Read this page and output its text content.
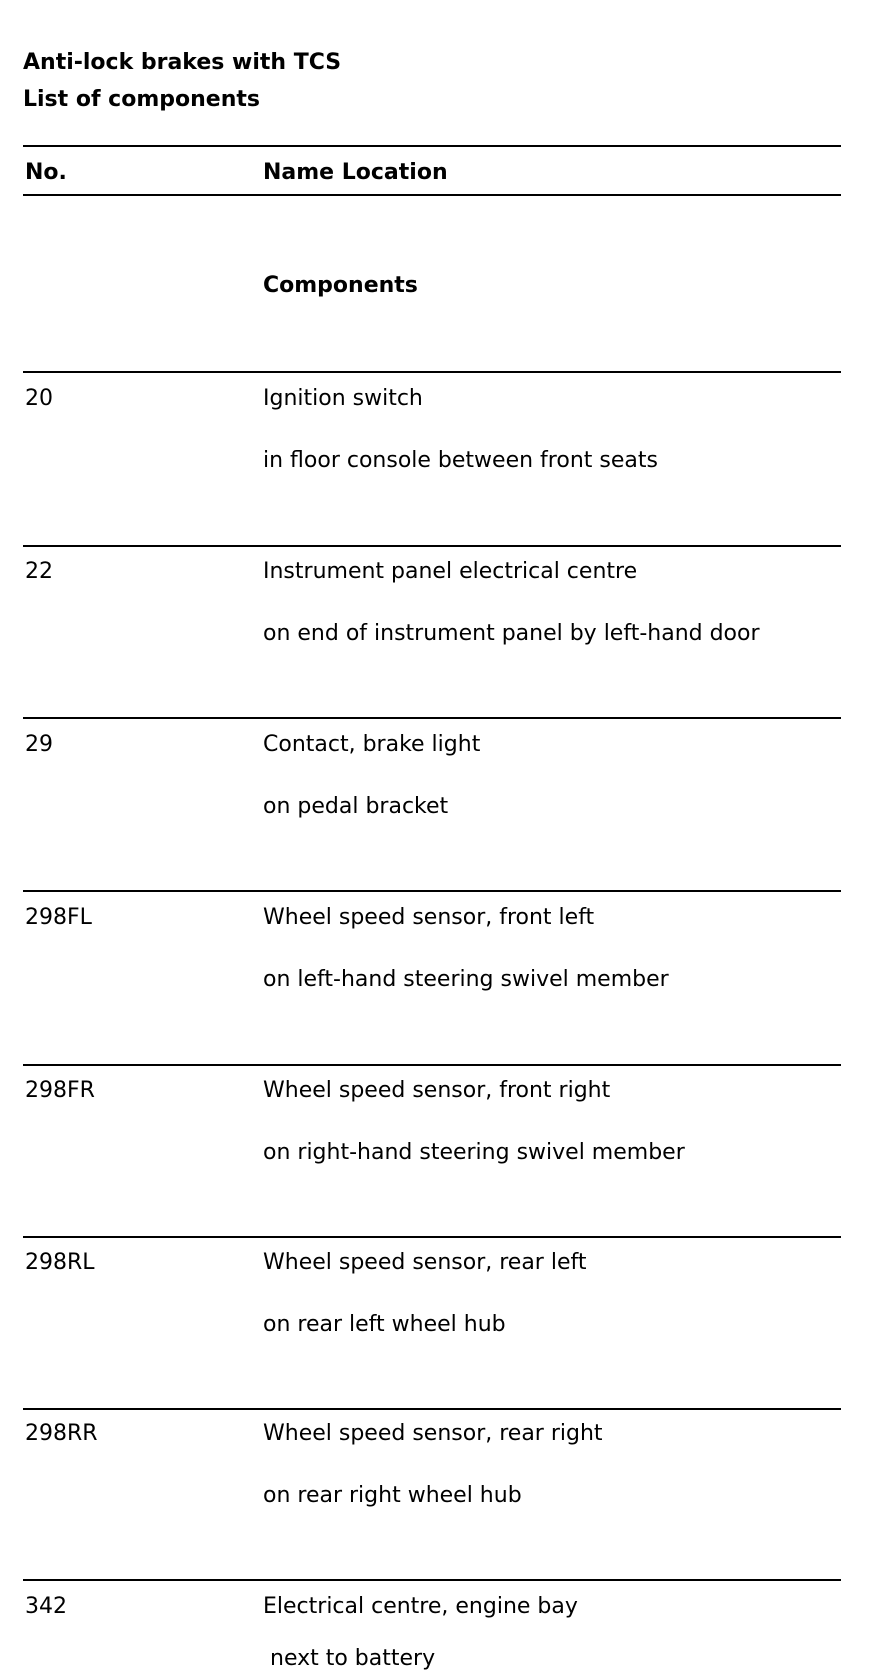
Anti-lock brakes with TCS
List of components
No.	Name Location
Components
20	Ignition switch
in floor console between front seats
22	Instrument panel electrical centre
on end of instrument panel by left-hand door
29	Contact, brake light
on pedal bracket
298FL	Wheel speed sensor, front left
on left-hand steering swivel member
298FR	Wheel speed sensor, front right
on right-hand steering swivel member
298RL	Wheel speed sensor, rear left
on rear left wheel hub
298RR	Wheel speed sensor, rear right
on rear right wheel hub
342	Electrical centre, engine bay
next to battery
